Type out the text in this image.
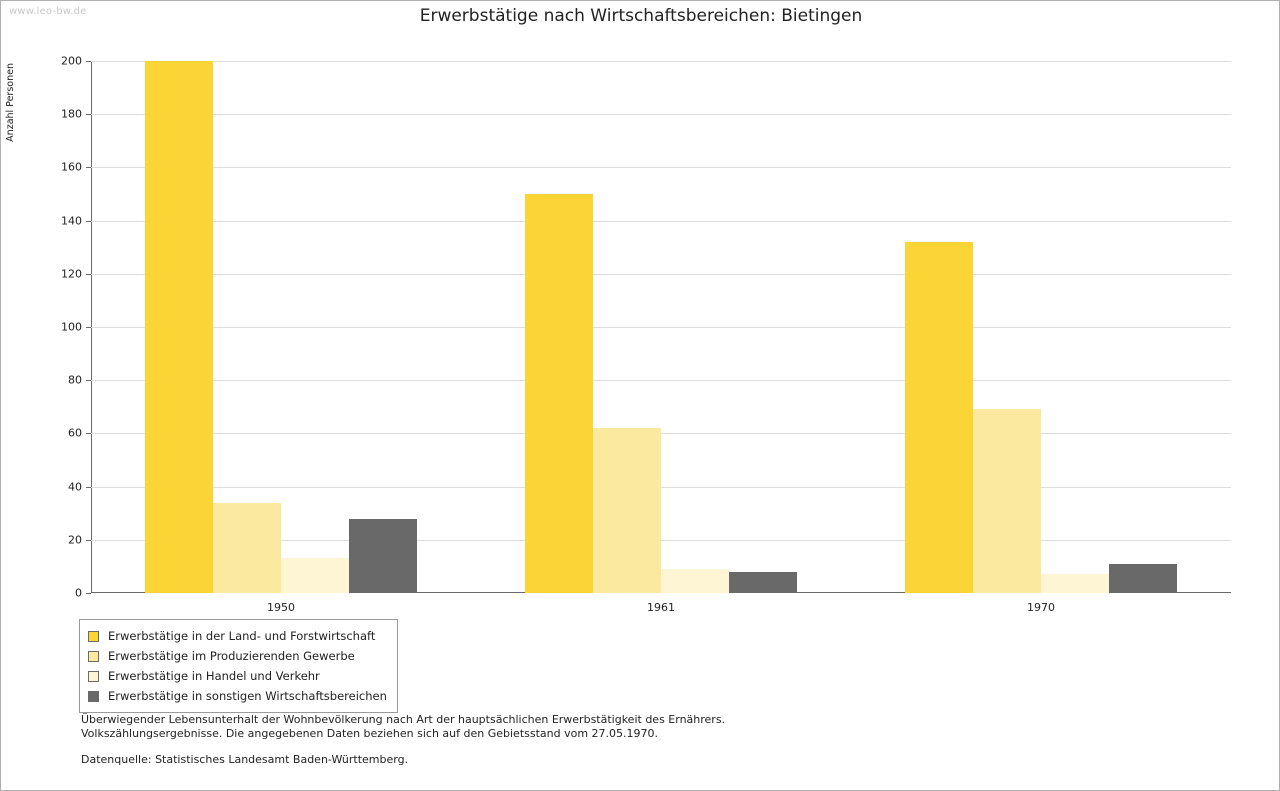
www.leo-bw.de	Erwerbstätige nach Wirtschaftsbereichen: Bietingen
Anzahl Personen
0
20
40
60
80
100
120
140
160
180
200
1950	1961	1970
Erwerbstätige in der Land- und Forstwirtschaft
Erwerbstätige im Produzierenden Gewerbe
Erwerbstätige in Handel und Verkehr
Erwerbstätige in sonstigen Wirtschaftsbereichen
Überwiegender Lebensunterhalt der Wohnbevölkerung nach Art der hauptsächlichen Erwerbstätigkeit des Ernährers.
Volkszählungsergebnisse. Die angegebenen Daten beziehen sich auf den Gebietsstand vom 27.05.1970.
Datenquelle: Statistisches Landesamt Baden-Württemberg.
